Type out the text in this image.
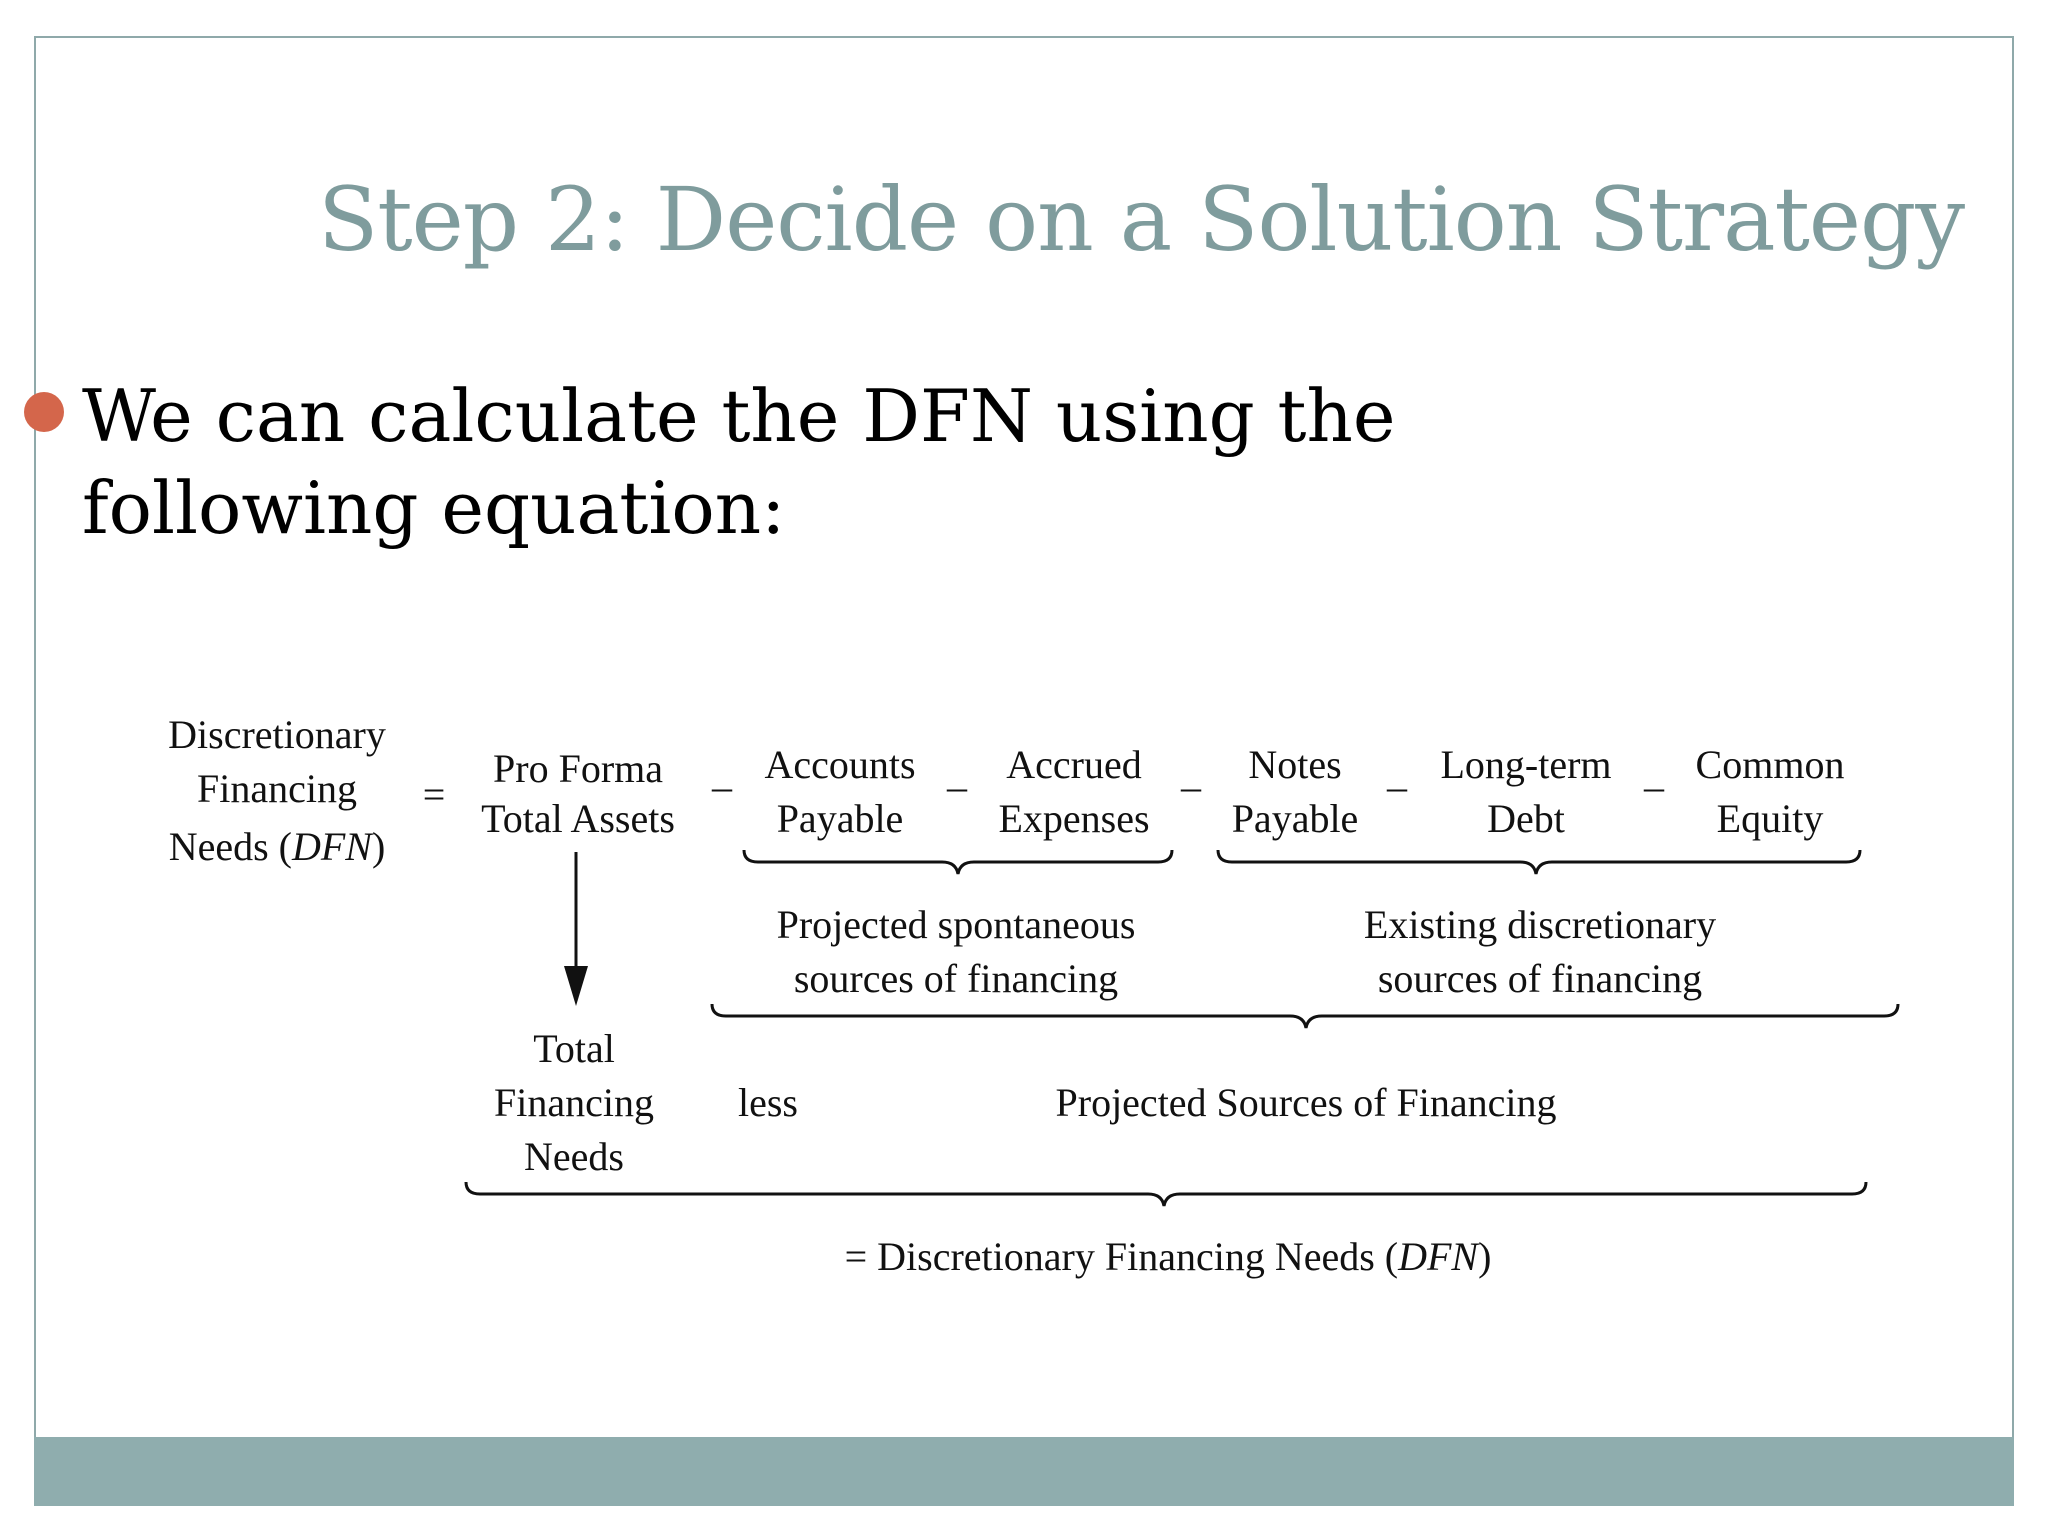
Step 2: Decide on a Solution Strategy
We can calculate the DFN using the following equation:
Discretionary
Financing
Needs (DFN)
=
Pro Forma
Total Assets
– Accounts
Payable
– Accrued
Expenses
– Notes
Payable
– Long-term
Debt
– Common
Equity
Projected spontaneous
sources of financing
Existing discretionary
sources of financing
Total
Financing
Needs
less	Projected Sources of Financing
= Discretionary Financing Needs (DFN)
